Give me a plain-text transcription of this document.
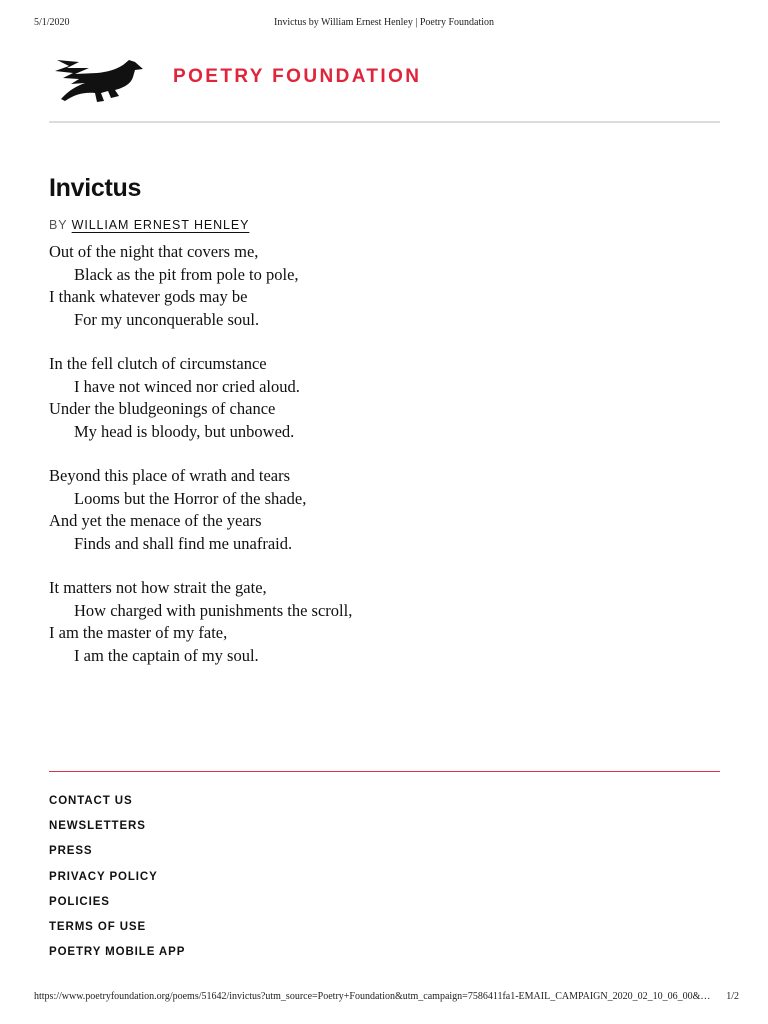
5/1/2020	Invictus by William Ernest Henley | Poetry Foundation
POETRY FOUNDATION
Invictus
BY WILLIAM ERNEST HENLEY
Out of the night that covers me,
Black as the pit from pole to pole,
I thank whatever gods may be
For my unconquerable soul.
In the fell clutch of circumstance
I have not winced nor cried aloud.
Under the bludgeonings of chance
My head is bloody, but unbowed.
Beyond this place of wrath and tears
Looms but the Horror of the shade,
And yet the menace of the years
Finds and shall find me unafraid.
It matters not how strait the gate,
How charged with punishments the scroll,
I am the master of my fate,
I am the captain of my soul.
CONTACT US
NEWSLETTERS
PRESS
PRIVACY POLICY
POLICIES
TERMS OF USE
POETRY MOBILE APP
https://www.poetryfoundation.org/poems/51642/invictus?utm_source=Poetry+Foundation&utm_campaign=7586411fa1-EMAIL_CAMPAIGN_2020_02_10_06_00&…	1/2
